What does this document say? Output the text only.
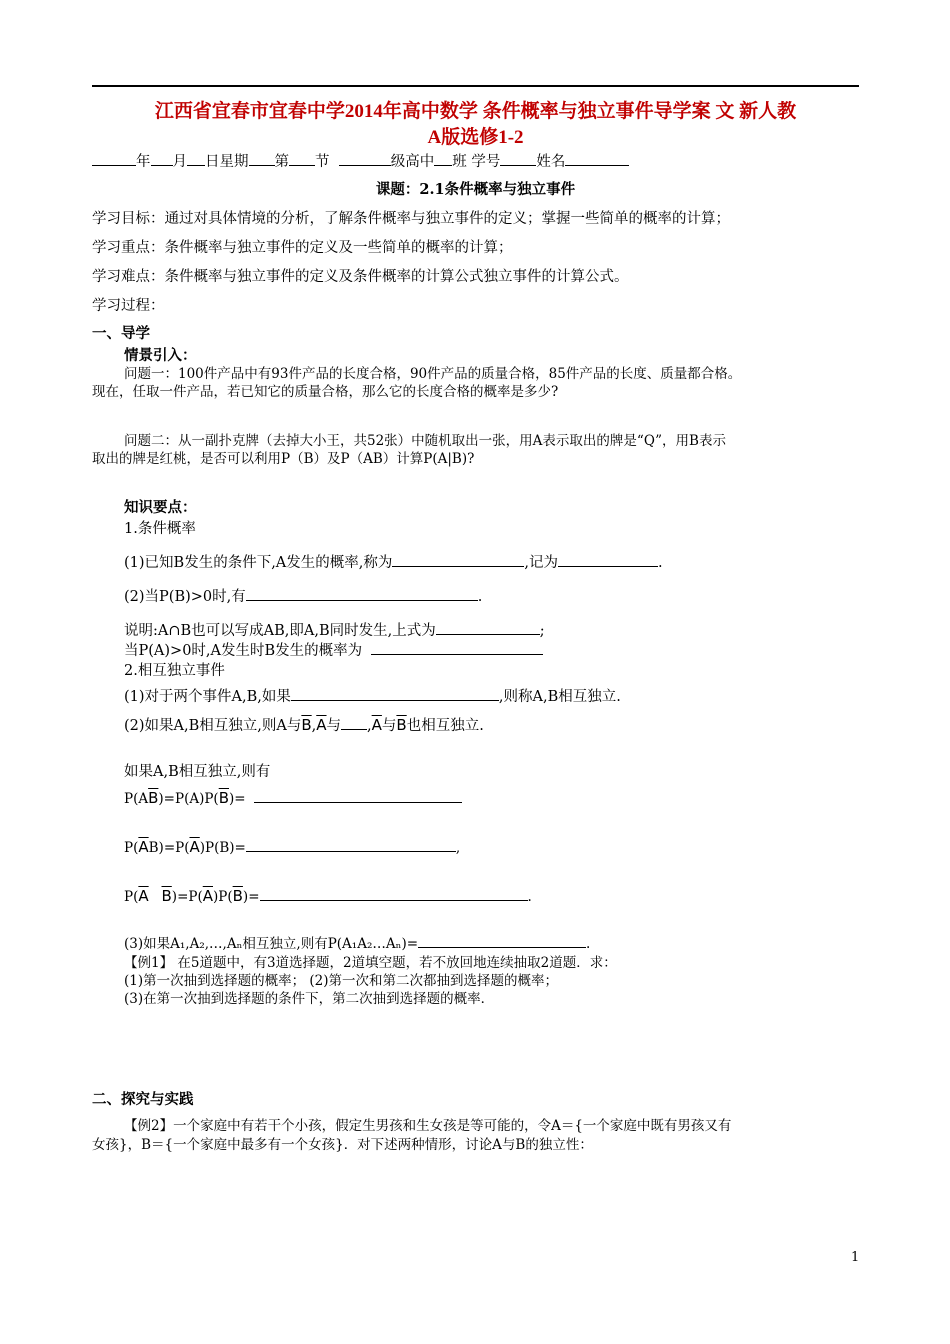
江西省宜春市宜春中学2014年高中数学 条件概率与独立事件导学案 文 新人教
A版选修1-2
年 月 日星期 第 节	级高中 班 学号 姓名
课题：2.1条件概率与独立事件
学习目标：通过对具体情境的分析，了解条件概率与独立事件的定义；掌握一些简单的概率的计算；
学习重点：条件概率与独立事件的定义及一些简单的概率的计算；
学习难点：条件概率与独立事件的定义及条件概率的计算公式独立事件的计算公式。
学习过程：
一、导学
情景引入：
问题一：100件产品中有93件产品的长度合格，90件产品的质量合格，85件产品的长度、质量都合格。
现在，任取一件产品，若已知它的质量合格，那么它的长度合格的概率是多少?
问题二：从一副扑克牌（去掉大小王，共52张）中随机取出一张，用A表示取出的牌是“Q”，用B表示
取出的牌是红桃，是否可以利用P（B）及P（AB）计算P(A|B)?
知识要点：
1.条件概率
(1)已知B发生的条件下,A发生的概率,称为	,记为	.
(2)当P(B)>0时,有	.
说明:A∩B也可以写成AB,即A,B同时发生,上式为	;
当P(A)>0时,A发生时B发生的概率为
2.相互独立事件
(1)对于两个事件A,B,如果	,则称A,B相互独立.
(2)如果A,B相互独立,则A与$\overline{B},\overline{A}$与 $,\overline{A}$与$\overline{B}$也相互独立.
如果A,B相互独立,则有
$P(A\overline{B})=P(A)P(\overline{B})=$
$P(\overline{A}B)=P(\overline{A})P(B)=$	,
$P(\overline{A}$ $\overline{B})=P(\overline{A})P(\overline{B})=$	.
(3)如果A₁,A₂,…,Aₙ相互独立,则有P(A₁A₂…Aₙ)=	.
【例1】 在5道题中，有3道选择题，2道填空题，若不放回地连续抽取2道题．求：
(1)第一次抽到选择题的概率； (2)第一次和第二次都抽到选择题的概率；
(3)在第一次抽到选择题的条件下，第二次抽到选择题的概率．
二、探究与实践
【例2】一个家庭中有若干个小孩，假定生男孩和生女孩是等可能的，令A＝{一个家庭中既有男孩又有
女孩}，B＝{一个家庭中最多有一个女孩}．对下述两种情形，讨论A与B的独立性：
1
